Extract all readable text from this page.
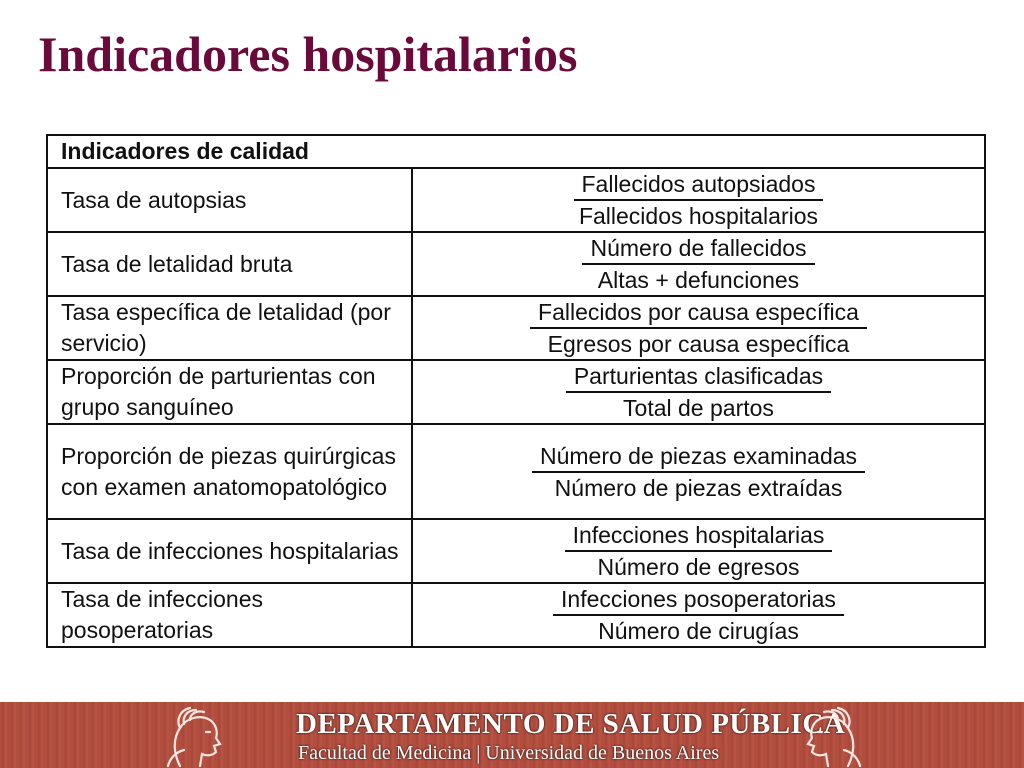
Indicadores hospitalarios
Indicadores de calidad	
Tasa de autopsias	$\frac{\text{Fallecidos autopsiados}}{\text{Fallecidos hospitalarios}}$

Tasa de letalidad bruta	$\frac{\text{Número de fallecidos}}{\text{Altas + defunciones}}$

Tasa específica de letalidad (por servicio)	$\frac{\text{Fallecidos por causa específica}}{\text{Egresos por causa específica}}$

Proporción de parturientas con grupo sanguíneo	$\frac{\text{Parturientas clasificadas}}{\text{Total de partos}}$

Proporción de piezas quirúrgicas con examen anatomopatológico	$\frac{\text{Número de piezas examinadas}}{\text{Número de piezas extraídas}}$

Tasa de infecciones hospitalarias	$\frac{\text{Infecciones hospitalarias}}{\text{Número de egresos}}$

Tasa de infecciones posoperatorias	$\frac{\text{Infecciones posoperatorias}}{\text{Número de cirugías}}$
DEPARTAMENTO DE SALUD PÚBLICA
Facultad de Medicina | Universidad de Buenos Aires
